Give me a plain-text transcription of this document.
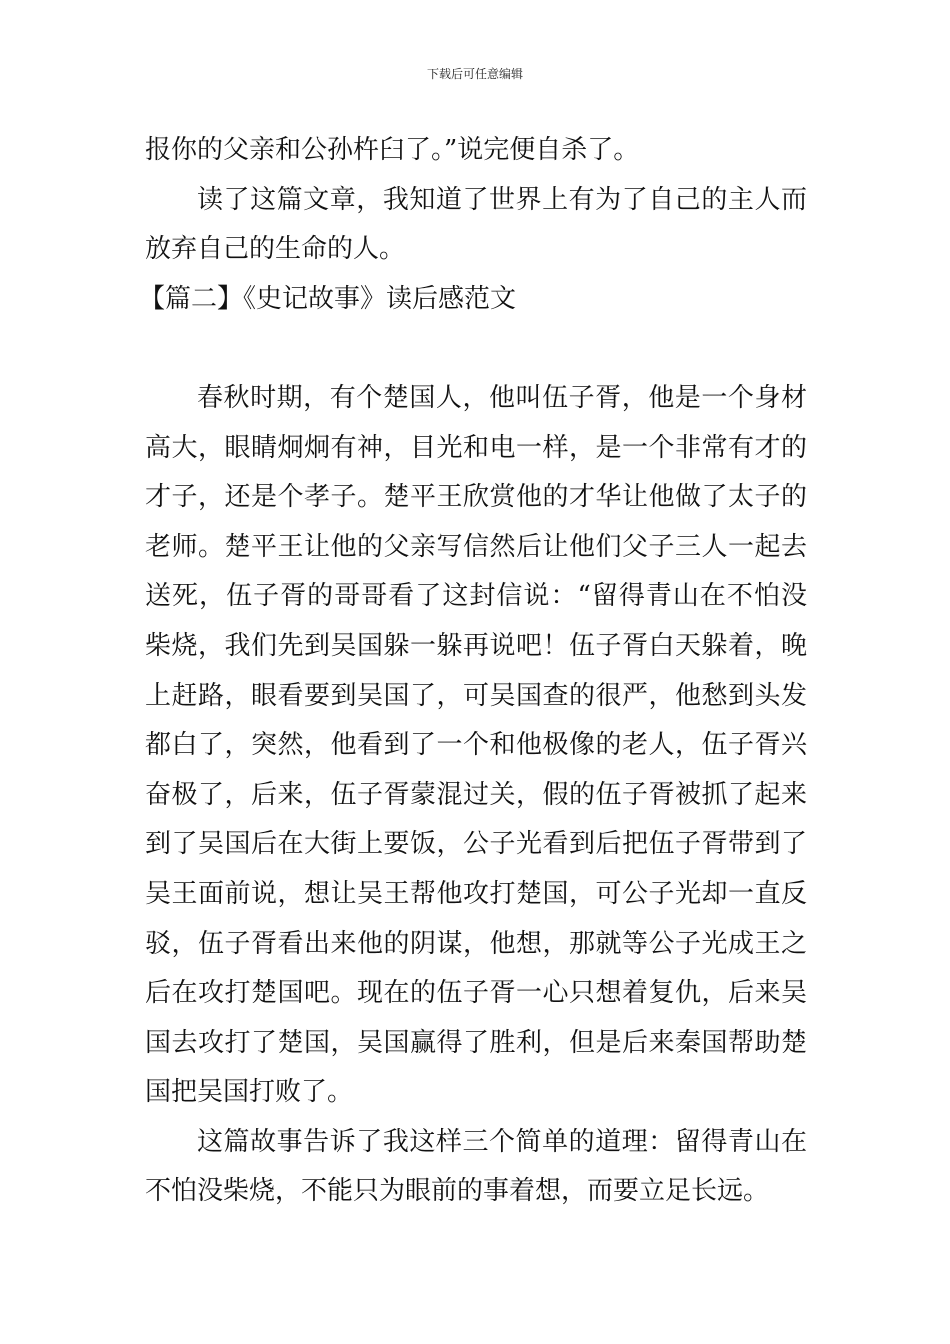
下载后可任意编辑

报你的父亲和公孙杵臼了。”说完便自杀了。

读了这篇文章，我知道了世界上有为了自己的主人而放弃自己的生命的人。

【篇二】《史记故事》读后感范文

春秋时期，有个楚国人，他叫伍子胥，他是一个身材高大，眼睛炯炯有神，目光和电一样，是一个非常有才的才子，还是个孝子。楚平王欣赏他的才华让他做了太子的老师。楚平王让他的父亲写信然后让他们父子三人一起去送死，伍子胥的哥哥看了这封信说：“留得青山在不怕没柴烧，我们先到吴国躲一躲再说吧！伍子胥白天躲着，晚上赶路，眼看要到吴国了，可吴国查的很严，他愁到头发都白了，突然，他看到了一个和他极像的老人，伍子胥兴奋极了，后来，伍子胥蒙混过关，假的伍子胥被抓了起来到了吴国后在大街上要饭，公子光看到后把伍子胥带到了吴王面前说，想让吴王帮他攻打楚国，可公子光却一直反驳，伍子胥看出来他的阴谋，他想，那就等公子光成王之后在攻打楚国吧。现在的伍子胥一心只想着复仇，后来吴国去攻打了楚国，吴国赢得了胜利，但是后来秦国帮助楚国把吴国打败了。

这篇故事告诉了我这样三个简单的道理：留得青山在不怕没柴烧，不能只为眼前的事着想，而要立足长远。
